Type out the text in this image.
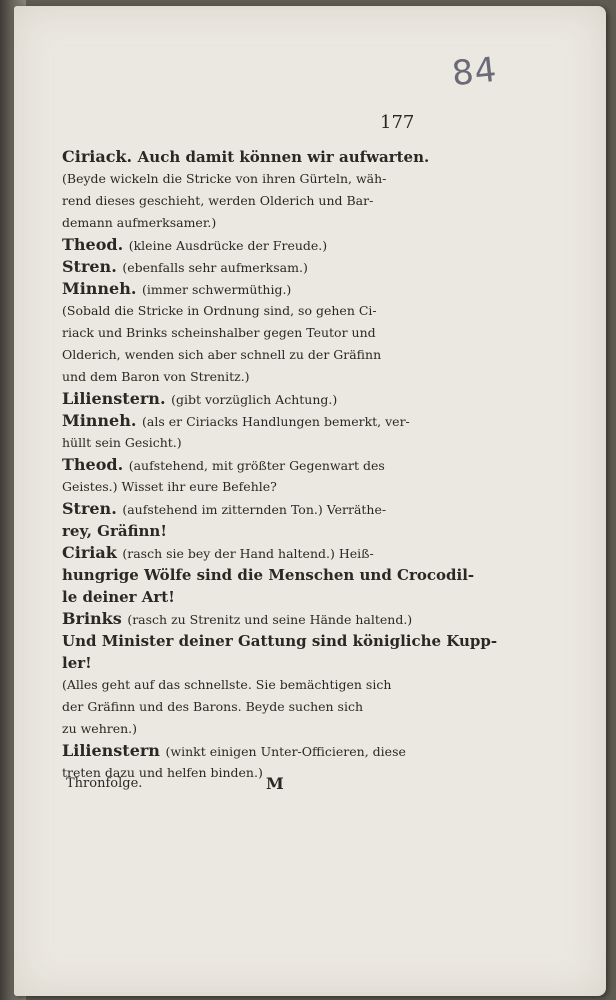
84
177
Ciriack. Auch damit können wir aufwarten.
(Beyde wickeln die Stricke von ihren Gürteln, wäh-
rend dieses geschieht, werden Olderich und Bar-
demann aufmerksamer.)
Theod. (kleine Ausdrücke der Freude.)
Stren. (ebenfalls sehr aufmerksam.)
Minneh. (immer schwermüthig.)
(Sobald die Stricke in Ordnung sind, so gehen Ci-
riack und Brinks scheinshalber gegen Teutor und
Olderich, wenden sich aber schnell zu der Gräfinn
und dem Baron von Strenitz.)
Lilienstern. (gibt vorzüglich Achtung.)
Minneh. (als er Ciriacks Handlungen bemerkt, ver-
hüllt sein Gesicht.)
Theod. (aufstehend, mit größter Gegenwart des
Geistes.) Wisset ihr eure Befehle?
Stren. (aufstehend im zitternden Ton.) Verräthe-
rey, Gräfinn!
Ciriak (rasch sie bey der Hand haltend.) Heiß-
hungrige Wölfe sind die Menschen und Crocodil-
le deiner Art!
Brinks (rasch zu Strenitz und seine Hände haltend.)
Und Minister deiner Gattung sind königliche Kupp-
ler!
(Alles geht auf das schnellste. Sie bemächtigen sich
der Gräfinn und des Barons. Beyde suchen sich
zu wehren.)
Lilienstern (winkt einigen Unter-Officieren, diese
treten dazu und helfen binden.)
Thronfolge.	M
